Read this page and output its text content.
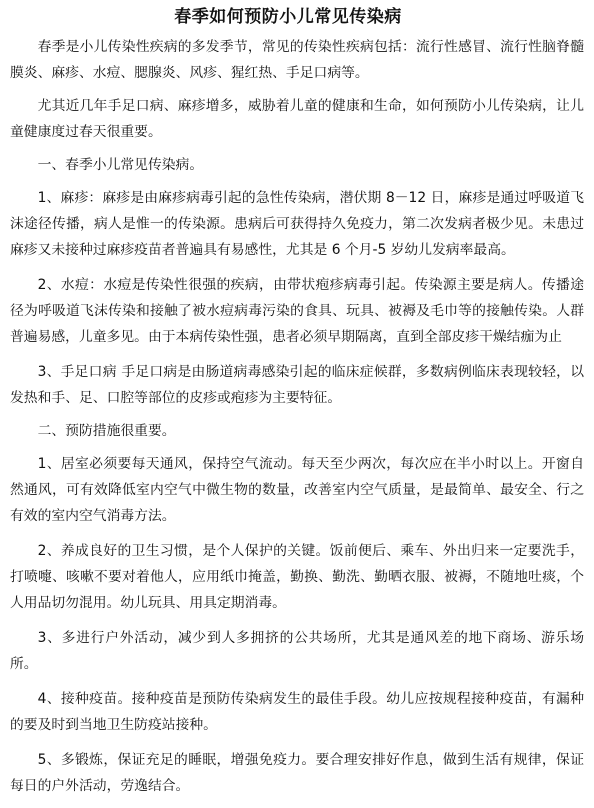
春季如何预防小儿常见传染病

春季是小儿传染性疾病的多发季节，常见的传染性疾病包括：流行性感冒、流行性脑脊髓膜炎、麻疹、水痘、腮腺炎、风疹、猩红热、手足口病等。

尤其近几年手足口病、麻疹增多，威胁着儿童的健康和生命，如何预防小儿传染病，让儿童健康度过春天很重要。

一、春季小儿常见传染病。

1、麻疹：麻疹是由麻疹病毒引起的急性传染病，潜伏期 8－12 日，麻疹是通过呼吸道飞沫途径传播，病人是惟一的传染源。患病后可获得持久免疫力，第二次发病者极少见。未患过麻疹又未接种过麻疹疫苗者普遍具有易感性，尤其是 6 个月-5 岁幼儿发病率最高。

2、水痘：水痘是传染性很强的疾病，由带状疱疹病毒引起。传染源主要是病人。传播途径为呼吸道飞沫传染和接触了被水痘病毒污染的食具、玩具、被褥及毛巾等的接触传染。人群普遍易感，儿童多见。由于本病传染性强，患者必须早期隔离，直到全部皮疹干燥结痂为止

3、手足口病 手足口病是由肠道病毒感染引起的临床症候群，多数病例临床表现较轻，以发热和手、足、口腔等部位的皮疹或疱疹为主要特征。

二、预防措施很重要。

1、居室必须要每天通风，保持空气流动。每天至少两次，每次应在半小时以上。开窗自然通风，可有效降低室内空气中微生物的数量，改善室内空气质量，是最简单、最安全、行之有效的室内空气消毒方法。

2、养成良好的卫生习惯，是个人保护的关键。饭前便后、乘车、外出归来一定要洗手，打喷嚏、咳嗽不要对着他人，应用纸巾掩盖，勤换、勤洗、勤晒衣服、被褥，不随地吐痰，个人用品切勿混用。幼儿玩具、用具定期消毒。

3、多进行户外活动，减少到人多拥挤的公共场所，尤其是通风差的地下商场、游乐场所。

4、接种疫苗。接种疫苗是预防传染病发生的最佳手段。幼儿应按规程接种疫苗，有漏种的要及时到当地卫生防疫站接种。

5、多锻炼，保证充足的睡眠，增强免疫力。要合理安排好作息，做到生活有规律，保证每日的户外活动，劳逸结合。
